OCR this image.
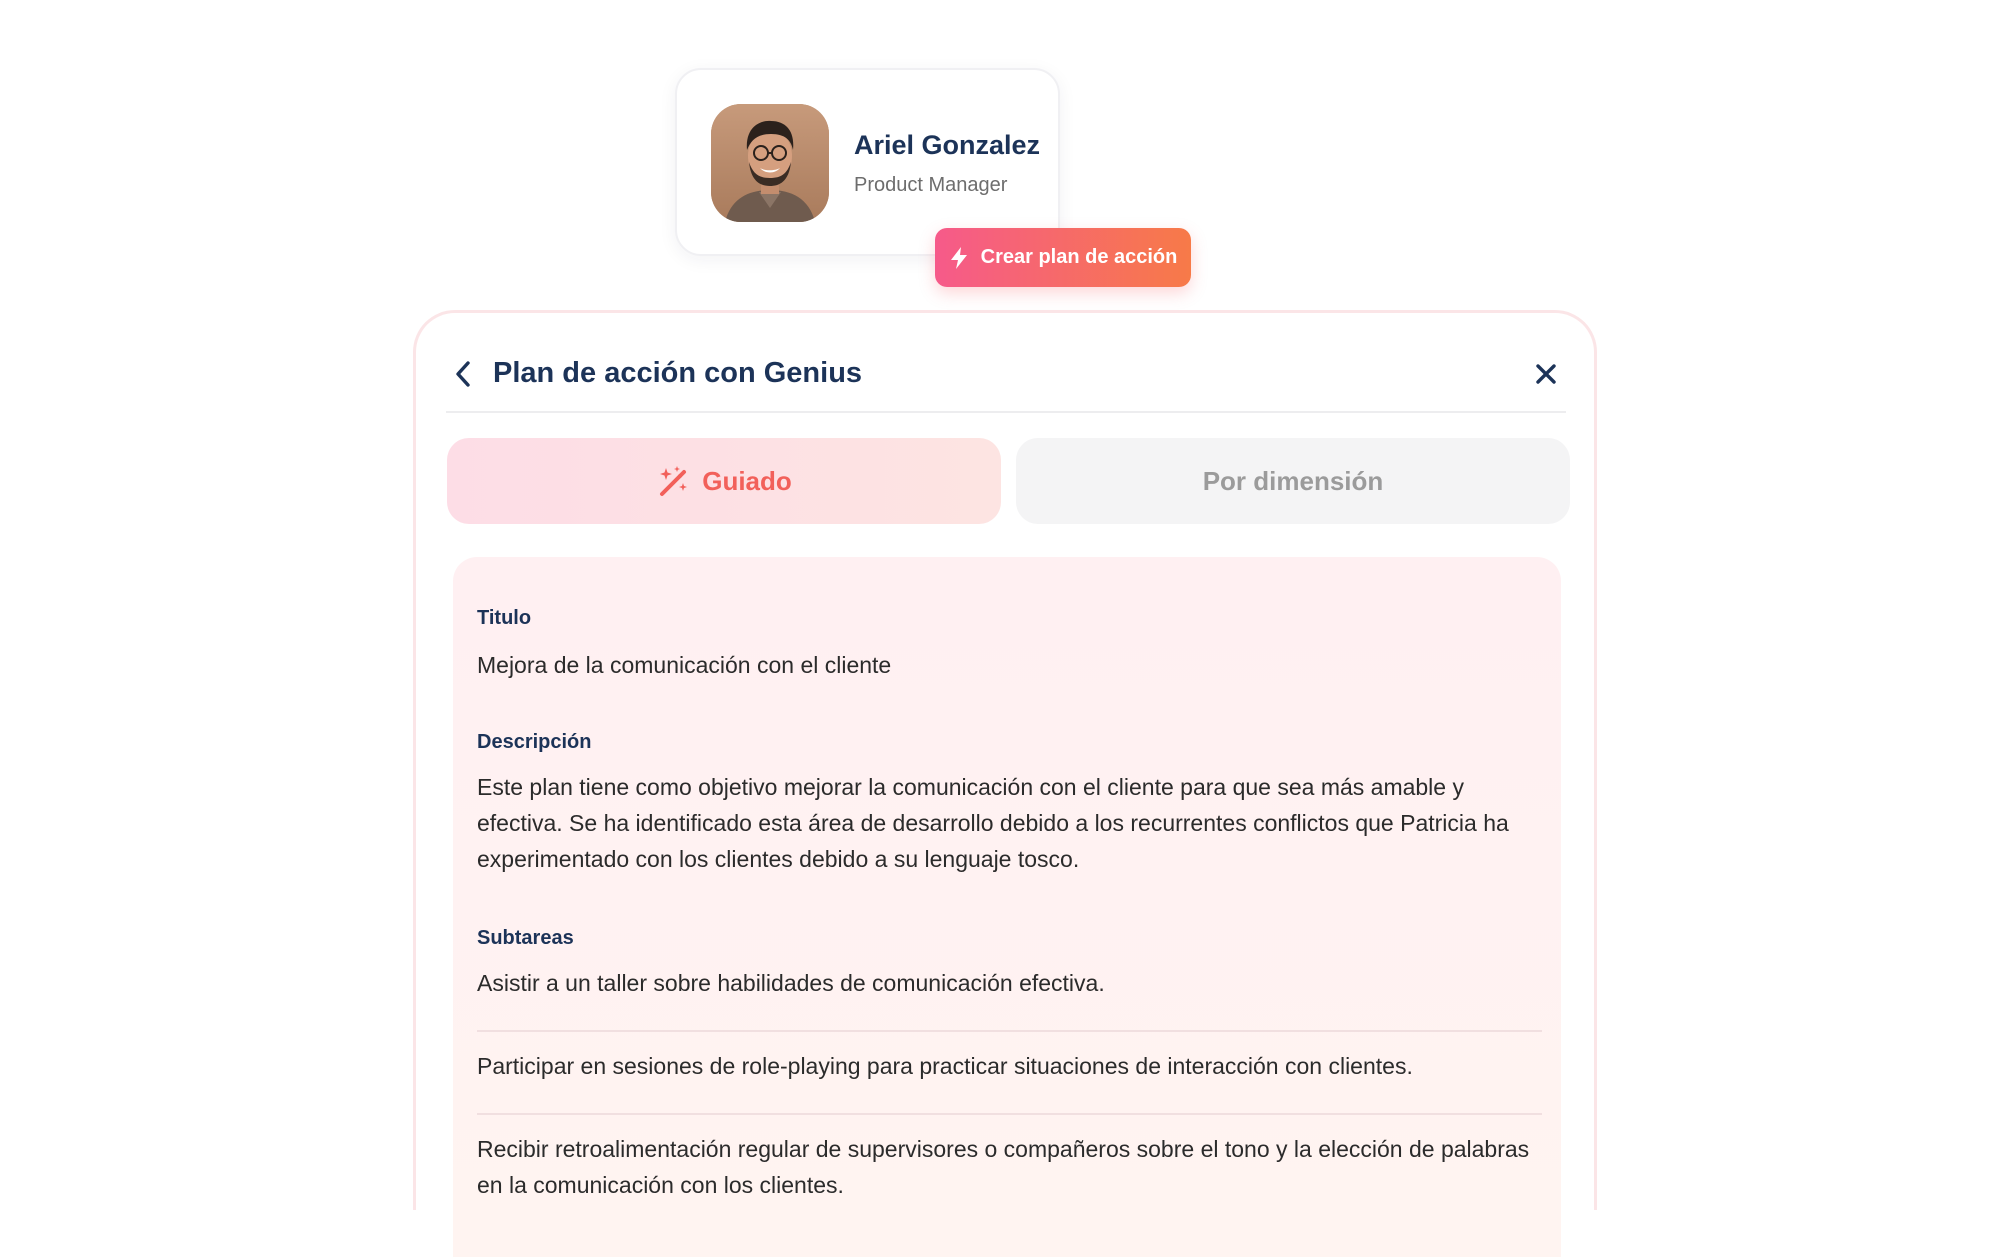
Ariel Gonzalez
Product Manager
Crear plan de acción
Plan de acción con Genius
Guiado	Por dimensión
Titulo
Mejora de la comunicación con el cliente
Descripción
Este plan tiene como objetivo mejorar la comunicación con el cliente para que sea más amable y efectiva. Se ha identificado esta área de desarrollo debido a los recurrentes conflictos que Patricia ha experimentado con los clientes debido a su lenguaje tosco.
Subtareas
Asistir a un taller sobre habilidades de comunicación efectiva.
Participar en sesiones de role-playing para practicar situaciones de interacción con clientes.
Recibir retroalimentación regular de supervisores o compañeros sobre el tono y la elección de palabras en la comunicación con los clientes.
